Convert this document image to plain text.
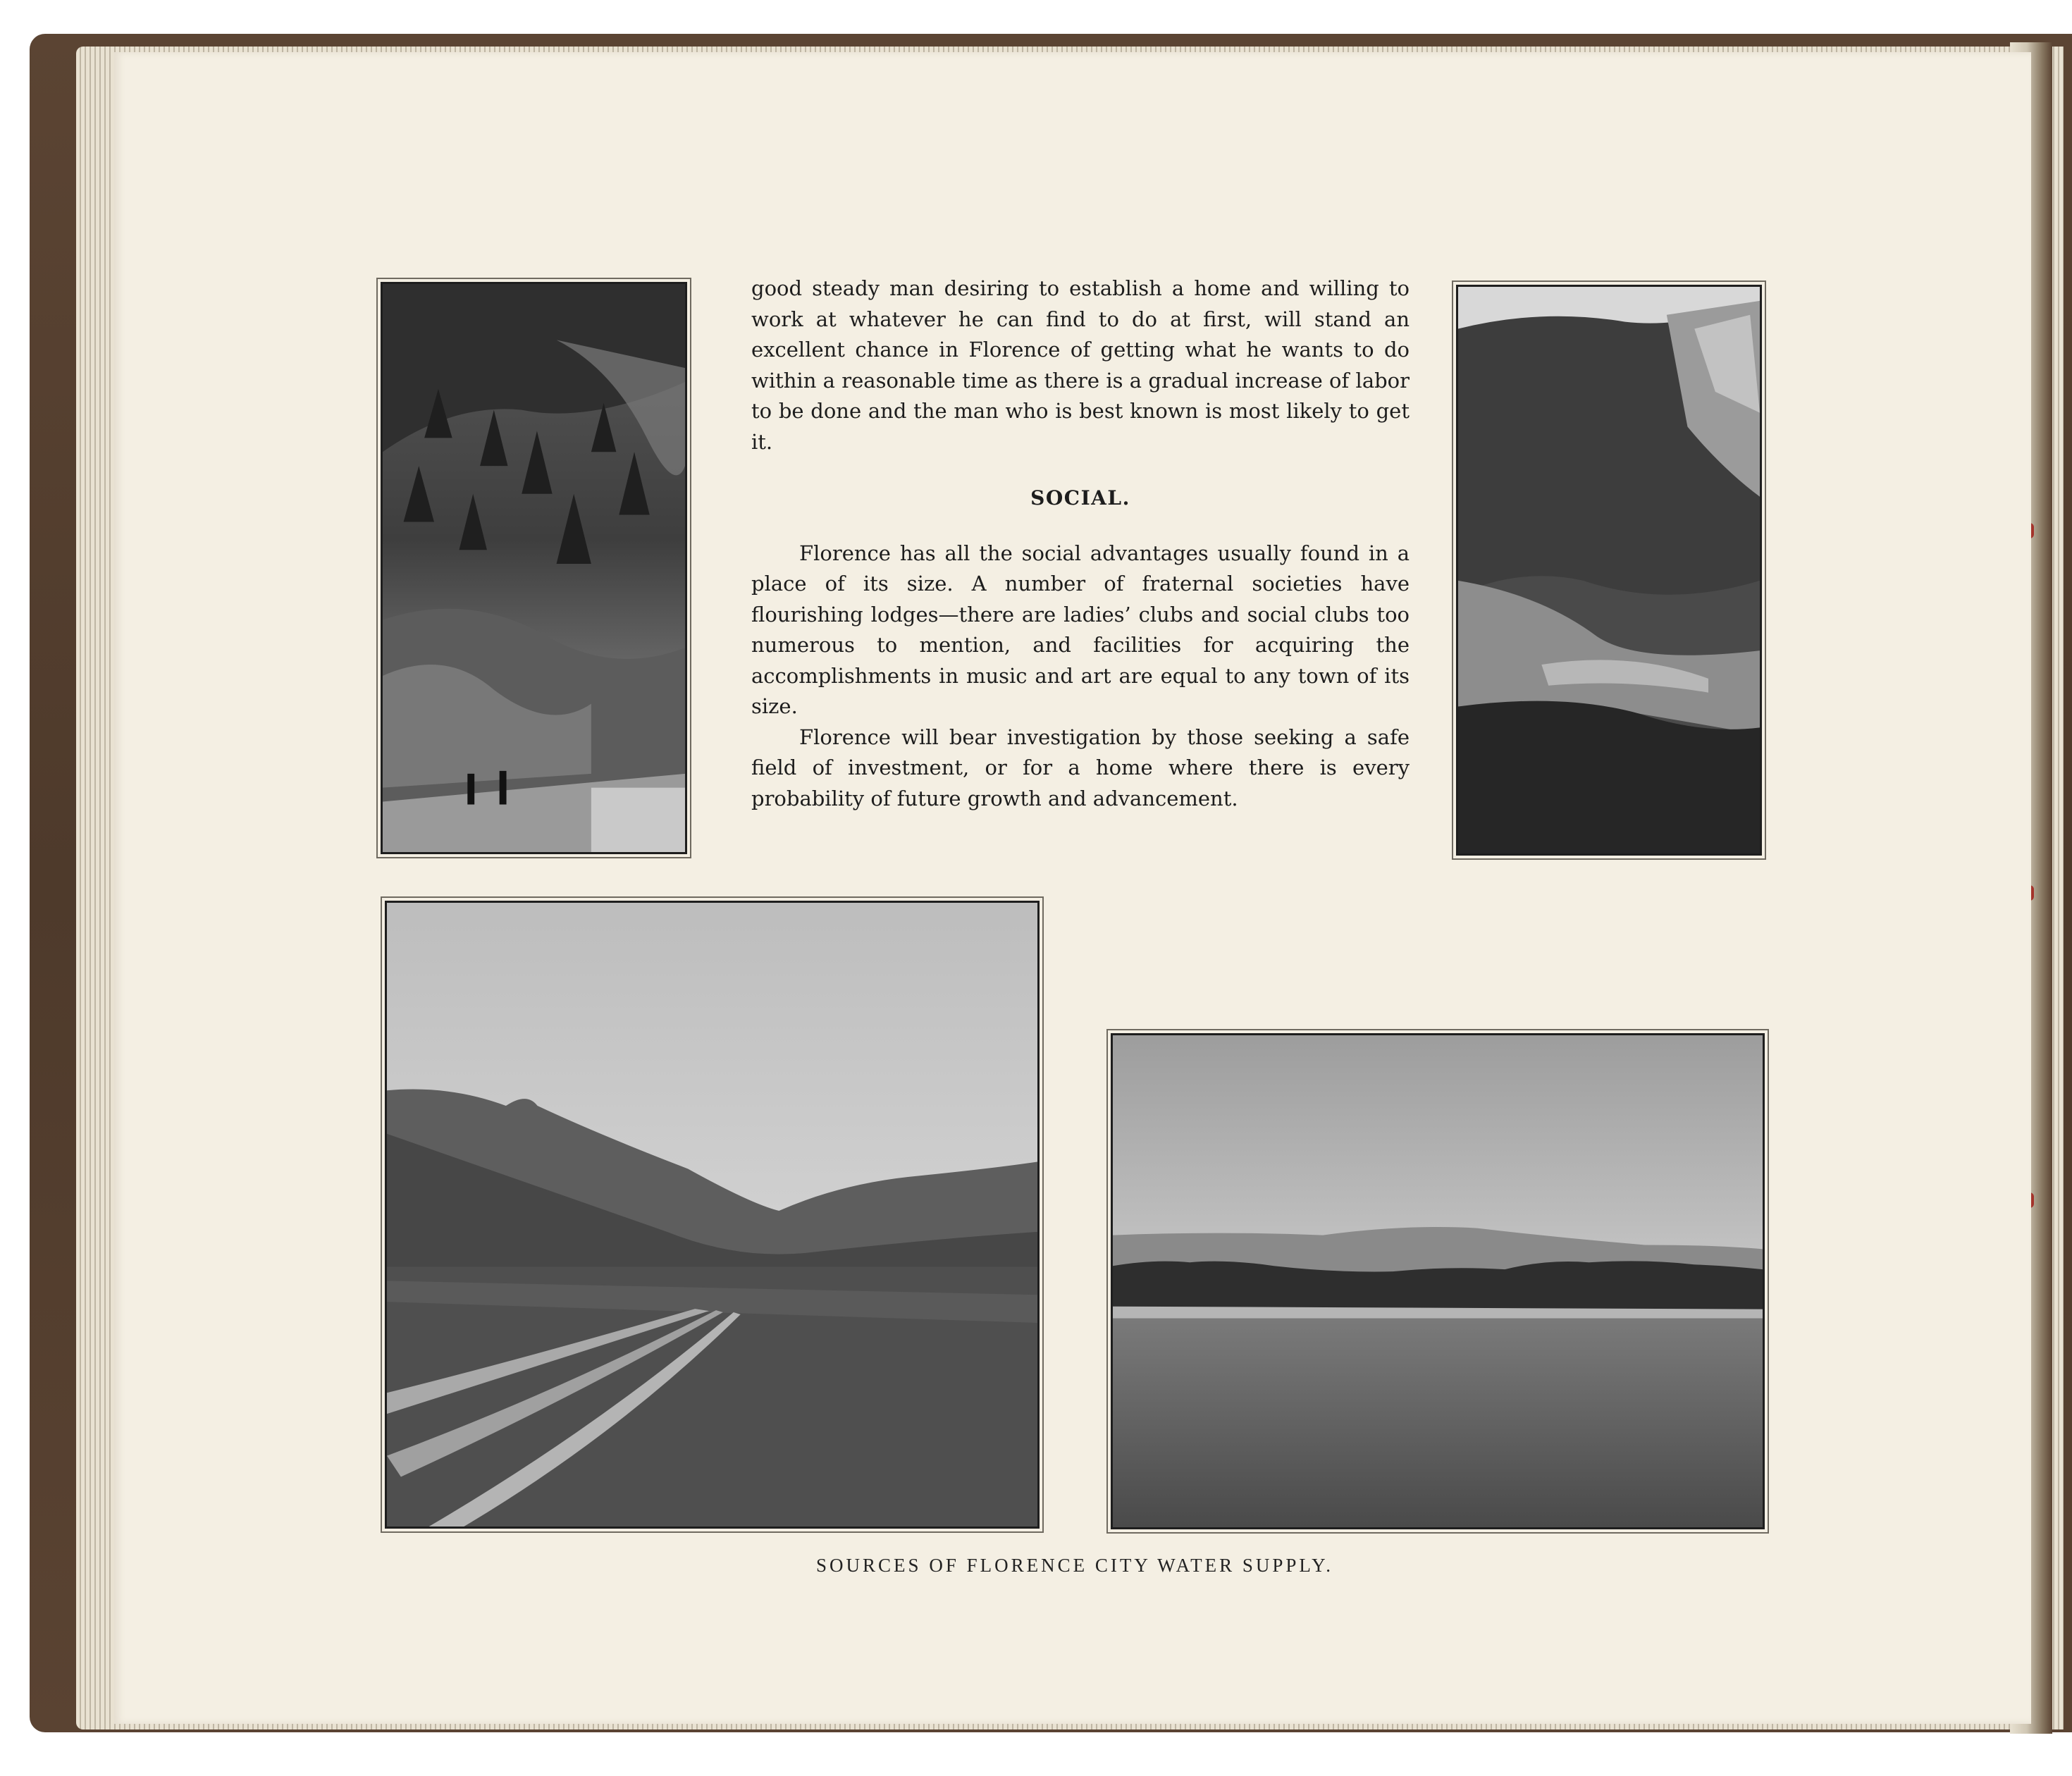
good steady man desiring to establish a home and willing to work at whatever he can find to do at first, will stand an excellent chance in Florence of getting what he wants to do within a reasonable time as there is a gradual increase of labor to be done and the man who is best known is most likely to get it.

SOCIAL.

Florence has all the social advantages usually found in a place of its size. A number of fraternal societies have flourishing lodges—there are ladies’ clubs and social clubs too numerous to mention, and facilities for acquiring the accomplishments in music and art are equal to any town of its size.

Florence will bear investigation by those seeking a safe field of investment, or for a home where there is every probability of future growth and advancement.

SOURCES OF FLORENCE CITY WATER SUPPLY.
